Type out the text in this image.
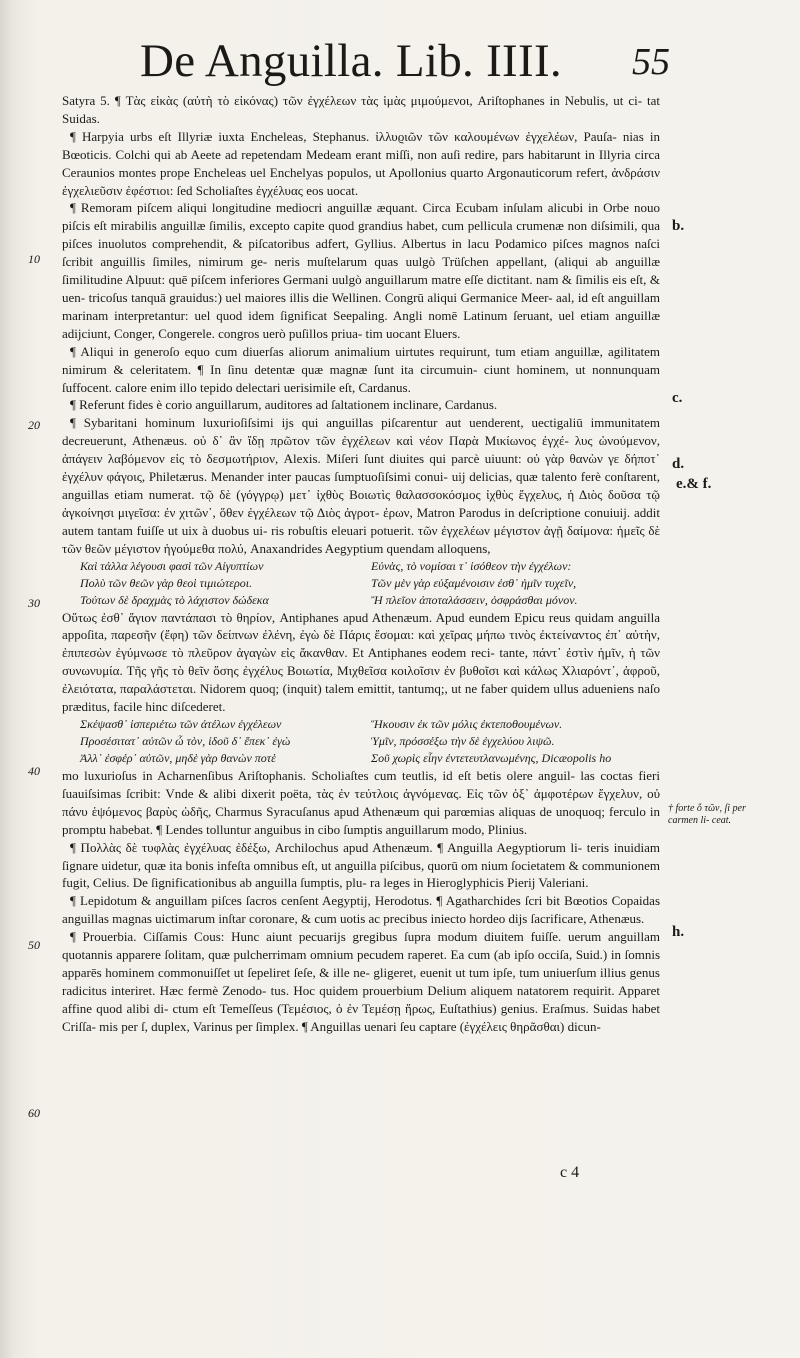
De Anguilla. Lib. IIII. 55
10
20
30
40
50
60
b.
c.
d.
e.& f.
h.
† forte ὅ τῶν, ſi per carmen li- ceat.

Satyra 5. ¶ Τὰς εἰκὰς (αὐτὴ τὸ εἰκόνας) τῶν ἐγχέλεων τὰς ἱμὰς μιμούμενοι, Ariſtophanes in Nebulis, ut ci- tat Suidas.

¶ Harpyia urbs eſt Illyriæ iuxta Encheleas, Stephanus. ἰλλυϱιῶν τῶν καλουμένων ἐγχελέων, Pauſa- nias in Bœoticis. Colchi qui ab Aeete ad repetendam Medeam erant miſſi, non auſi redire, pars habitarunt in Illyria circa Ceraunios montes prope Encheleas uel Enchelyas populos, ut Apollonius quarto Argonauticorum refert, ἀνδράσιν ἐγχελιεῦσιν ἐφέστιοι: ſed Scholiaſtes ἐγχέλυας eos uocat.

¶ Remoram piſcem aliqui longitudine mediocri anguillæ æquant. Circa Ecubam inſulam alicubi in Orbe nouo piſcis eſt mirabilis anguillæ ſimilis, excepto capite quod grandius habet, cum pellicula crumenæ non diſsimili, qua piſces inuolutos comprehendit, & piſcatoribus adfert, Gyllius. Albertus in lacu Podamico piſces magnos naſci ſcribit anguillis ſimiles, nimirum ge- neris muſtelarum quas uulgò Trüſchen appellant, (aliqui ab anguillæ ſimilitudine Alpuut: quē piſcem inferiores Germani uulgò anguillarum matre eſſe dictitant. nam & ſimilis eis eſt, & uen- tricoſus tanquā grauidus:) uel maiores illis die Wellinen. Congrū aliqui Germanice Meer- aal, id eſt anguillam marinam interpretantur: uel quod idem ſignificat Seepaling. Angli nomē Latinum ſeruant, uel etiam anguillæ adijciunt, Conger, Congerele. congros uerò puſillos priua- tim uocant Eluers.

¶ Aliqui in generoſo equo cum diuerſas aliorum animalium uirtutes requirunt, tum etiam anguillæ, agilitatem nimirum & celeritatem. ¶ In ſinu detentæ quæ magnæ ſunt ita circumuin- ciunt hominem, ut nonnunquam ſuffocent. calore enim illo tepido delectari uerisimile eſt, Cardanus.

¶ Referunt fides è corio anguillarum, auditores ad ſaltationem inclinare, Cardanus.

¶ Sybaritani hominum luxurioſiſsimi ijs qui anguillas piſcarentur aut uenderent, uectigaliū immunitatem decreuerunt, Athenæus. οὐ δ᾽ ἂν ἴδῃ πρῶτον τῶν ἐγχέλεων καὶ νέον Παρὰ Μικίωνος ἐγχέ- λυς ὠνούμενον, ἀπάγειν λαβόμενον εἰς τὸ δεσμωτήριον, Alexis. Miſeri ſunt diuites qui parcè uiuunt: οὐ γὰρ θανὼν γε δήποτ᾽ ἐγχέλυν φάγοις, Philetærus. Menander inter paucas ſumptuoſiſsimi conui- uij delicias, quæ talento ferè conſtarent, anguillas etiam numerat. τῷ δὲ (γόγγρῳ) μετ᾽ ἰχθὺς Βοιωτὶς θαλασσοκόσμος ἰχθὺς ἔγχελυς, ἡ Διὸς δοῦσα τῷ ἀγκοίνησι μιγεῖσα: ἐν χιτῶν᾽, ὅθεν ἐγχέλεων τῷ Διὸς ἀγροτ- ἐρων, Matron Parodus in deſcriptione conuiuij. addit autem tantam fuiſſe ut uix à duobus ui- ris robuſtis eleuari potuerit. τῶν ἐγχελέων μέγιστον ἀγῇ δαίμονα: ἡμεῖς δὲ τῶν θεῶν μέγιστον ἡγούμεθα πολύ, Anaxandrides Aegyptium quendam alloquens,

Καὶ τάλλα λέγουσι φασὶ τῶν Αἰγυπτίων	Εὐνὰς, τὸ νομίσαι τ᾽ ἰσόθεον τὴν ἐγχέλων:
Πολὺ τῶν θεῶν γὰρ θεοὶ τιμιώτεροι.	Τῶν μὲν γὰρ εὐξαμένοισιν ἐσθ᾽ ἡμῖν τυχεῖν,
Τούτων δὲ δραχμὰς τὸ λάχιστον δώδεκα	Ἢ πλεῖον ἀποταλάσσειν, ὀσφράσθαι μόνον.

Οὕτως ἐσθ᾽ ἅγιον παντάπασι τὸ θηρίον, Antiphanes apud Athenæum. Apud eundem Epicu reus quidam anguilla appoſita, παρεσῆν (ἔφη) τῶν δείπνων ἐλένη, ἐγὼ δὲ Πάρις ἔσομαι: καὶ χεῖρας μήπω τινὸς ἐκτείναντος ἐπ᾽ αὐτὴν, ἐπιπεσὼν ἐγύμνωσε τὸ πλεῦρον ἀγαγὼν εἰς ἄκανθαν. Et Antiphanes eodem reci- tante, πάντ᾽ ἐστὶν ἡμῖν, ἡ τῶν συνωνυμία. Τῆς γῆς τὸ θεῖν ὅσης ἐγχέλυς Βοιωτία, Μιχθεῖσα κοιλοῖσιν ἐν βυθοῖσι καὶ κάλως Χλιαρόντ᾽, ἀφροῦ, ἐλειότατα, παραλάστεται. Nidorem quoq; (inquit) talem emittit, tantumq;, ut ne faber quidem ullus adueniens naſo præditus, facile hinc diſcederet.

Σκέψασθ᾽ ἰσπεριέτω τῶν ἀτέλων ἐγχέλεων	Ἥκουσιν ἐκ τῶν μόλις ἐκτεποθουμένων.
Προσέσιτατ᾽ αὐτῶν ὦ τὸν, ἰδοῦ δ᾽ ἔπεκ᾽ ἐγὼ	Ὑμῖν, πρόσσέξω τὴν δὲ ἐγχελύου λιψῶ.
Ἀλλ᾽ ἐσφέρ᾽ αὐτῶν, μηδὲ γὰρ θανὼν ποτὲ	Σοῦ χωρὶς εἶην ἐντετευτλανωμένης, Dicæopolis ho

mo luxurioſus in Acharnenſibus Ariſtophanis. Scholiaſtes cum teutlis, id eſt betis olere anguil- las coctas fieri ſuauiſsimas ſcribit: Vnde & alibi dixerit poëta, τὰς ἐν τεύτλοις ἀγνόμενας. Εἰς τῶν ὀξ᾽ ἀμφοτέρων ἔγχελυν, οὐ πάνυ ἑψόμενος βαρὺς ὠδῆς, Charmus Syracuſanus apud Athenæum qui parœmias aliquas de unoquoq; ferculo in promptu habebat. ¶ Lendes tolluntur anguibus in cibo ſumptis anguillarum modo, Plinius.

¶ Πολλὰς δὲ τυφλὰς ἐγχέλυας ἐδέξω, Archilochus apud Athenæum. ¶ Anguilla Aegyptiorum li- teris inuidiam ſignare uidetur, quæ ita bonis infeſta omnibus eſt, ut anguilla piſcibus, quorū om nium ſocietatem & communionem fugit, Celius. De ſignificationibus ab anguilla ſumptis, plu- ra leges in Hieroglyphicis Pierij Valeriani.

¶ Lepidotum & anguillam piſces ſacros cenſent Aegyptij, Herodotus. ¶ Agatharchides ſcri bit Bœotios Copaidas anguillas magnas uictimarum inſtar coronare, & cum uotis ac precibus iniecto hordeo dijs ſacrificare, Athenæus.

¶ Prouerbia. Ciſſamis Cous: Hunc aiunt pecuarijs gregibus ſupra modum diuitem fuiſſe. uerum anguillam quotannis apparere ſolitam, quæ pulcherrimam omnium pecudem raperet. Ea cum (ab ipſo occiſa, Suid.) in ſomnis apparēs hominem commonuiſſet ut ſepeliret ſeſe, & ille ne- gligeret, euenit ut tum ipſe, tum uniuerſum illius genus radicitus interiret. Hæc fermè Zenodo- tus. Hoc quidem prouerbium Delium aliquem natatorem requirit. Apparet affine quod alibi di- ctum eſt Temeſſeus (Τεμέσιος, ὁ ἐν Τεμέσῃ ἥρως, Euſtathius) genius. Eraſmus. Suidas habet Criſſa- mis per ſ, duplex, Varinus per ſimplex. ¶ Anguillas uenari ſeu captare (ἐγχέλεις θηρᾶσθαι) dicun-

c 4
